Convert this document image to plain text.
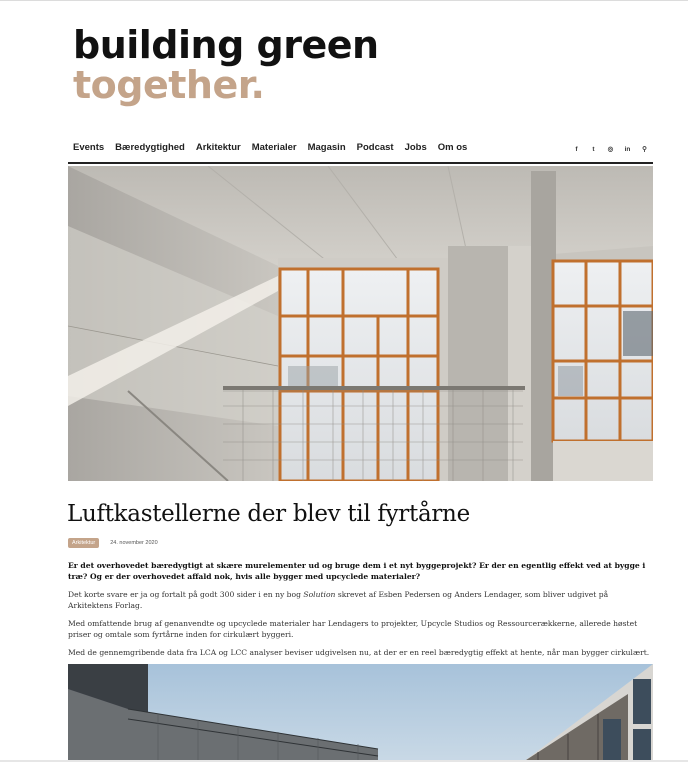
building green
together.
Events Bæredygtighed Arkitektur Materialer Magasin Podcast Jobs Om os	f	t	◎ in ⚲
Luftkastellerne der blev til fyrtårne
Arkitektur	24. november 2020

Er det overhovedet bæredygtigt at skære murelementer ud og bruge dem i et nyt byggeprojekt? Er der en egentlig effekt ved at bygge i træ? Og er der overhovedet affald nok, hvis alle bygger med upcyclede materialer?

Det korte svare er ja og fortalt på godt 300 sider i en ny bog Solution skrevet af Esben Pedersen og Anders Lendager, som bliver udgivet på Arkitektens Forlag.

Med omfattende brug af genanvendte og upcyclede materialer har Lendagers to projekter, Upcycle Studios og Ressourcerækkerne, allerede høstet priser og omtale som fyrtårne inden for cirkulært byggeri.

Med de gennemgribende data fra LCA og LCC analyser beviser udgivelsen nu, at der er en reel bæredygtig effekt at hente, når man bygger cirkulært.
